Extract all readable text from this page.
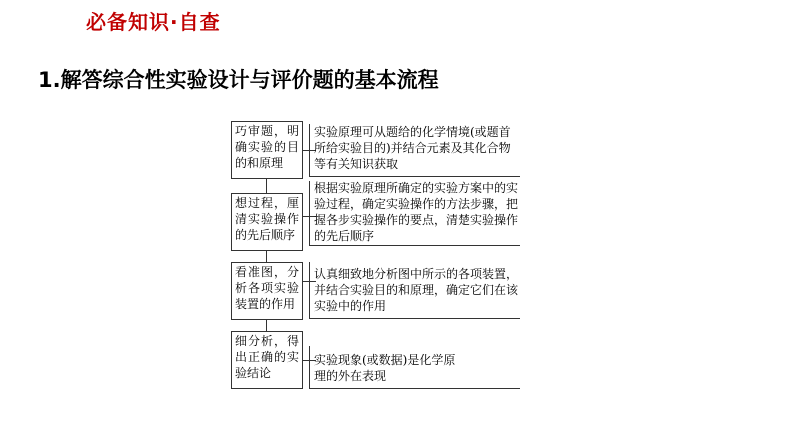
必备知识·自查
1.解答综合性实验设计与评价题的基本流程
巧审题，明确实验的目的和原理
实验原理可从题给的化学情境(或题首所给实验目的)并结合元素及其化合物等有关知识获取
想过程，厘清实验操作的先后顺序
根据实验原理所确定的实验方案中的实验过程，确定实验操作的方法步骤，把握各步实验操作的要点，清楚实验操作的先后顺序
看准图，分析各项实验装置的作用
认真细致地分析图中所示的各项装置，并结合实验目的和原理，确定它们在该实验中的作用
细分析，得出正确的实验结论
实验现象(或数据)是化学原理的外在表现
